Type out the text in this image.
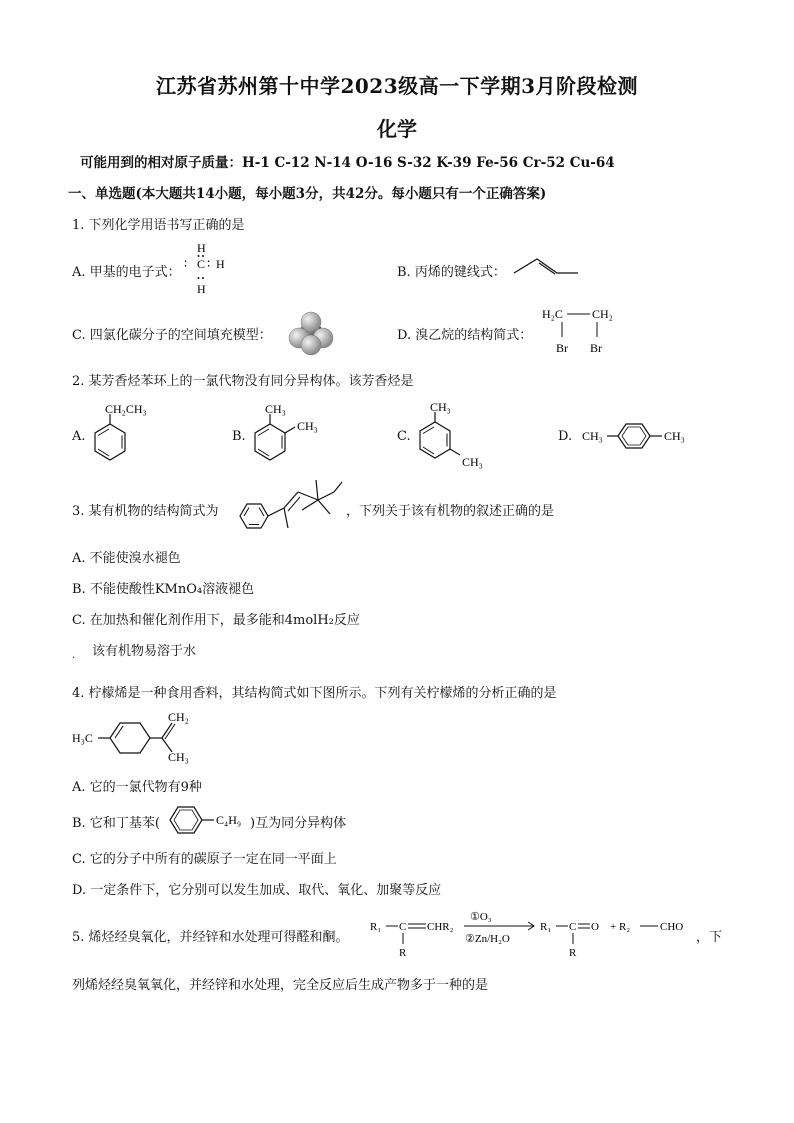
江苏省苏州第十中学2023级高一下学期3月阶段检测
化学
可能用到的相对原子质量：H-1 C-12 N-14 O-16 S-32 K-39 Fe-56 Cr-52 Cu-64
一、单选题(本大题共14小题，每小题3分，共42分。每小题只有一个正确答案)
1. 下列化学用语书写正确的是
A. 甲基的电子式：
H
∶ C ∶ H
H
B. 丙烯的键线式：
C. 四氯化碳分子的空间填充模型：	D. 溴乙烷的结构简式：
H₂C CH₂
Br Br
2. 某芳香烃苯环上的一氯代物没有同分异构体。该芳香烃是
A.
CH₂CH₃
B.
CH₃
CH₃
C.
CH₃
CH₃
D. CH₃	CH₃
3. 某有机物的结构简式为	，下列关于该有机物的叙述正确的是
A. 不能使溴水褪色
B. 不能使酸性KMnO₄溶液褪色
C. 在加热和催化剂作用下，最多能和4molH₂反应
该有机物易溶于水
.
4. 柠檬烯是一种食用香料，其结构简式如下图所示。下列有关柠檬烯的分析正确的是
H₃C
CH₂
CH₃
A. 它的一氯代物有9种
B. 它和丁基苯(	C₄H₉ )互为同分异构体
C. 它的分子中所有的碳原子一定在同一平面上
D. 一定条件下，它分别可以发生加成、取代、氧化、加聚等反应
5. 烯烃经臭氧化，并经锌和水处理可得醛和酮。
R₁ C CHR₂
R
①O₃
②Zn/H₂O
R₁ C O
R
+ R₂	CHO
，下
列烯烃经臭氧氧化，并经锌和水处理，完全反应后生成产物多于一种的是
